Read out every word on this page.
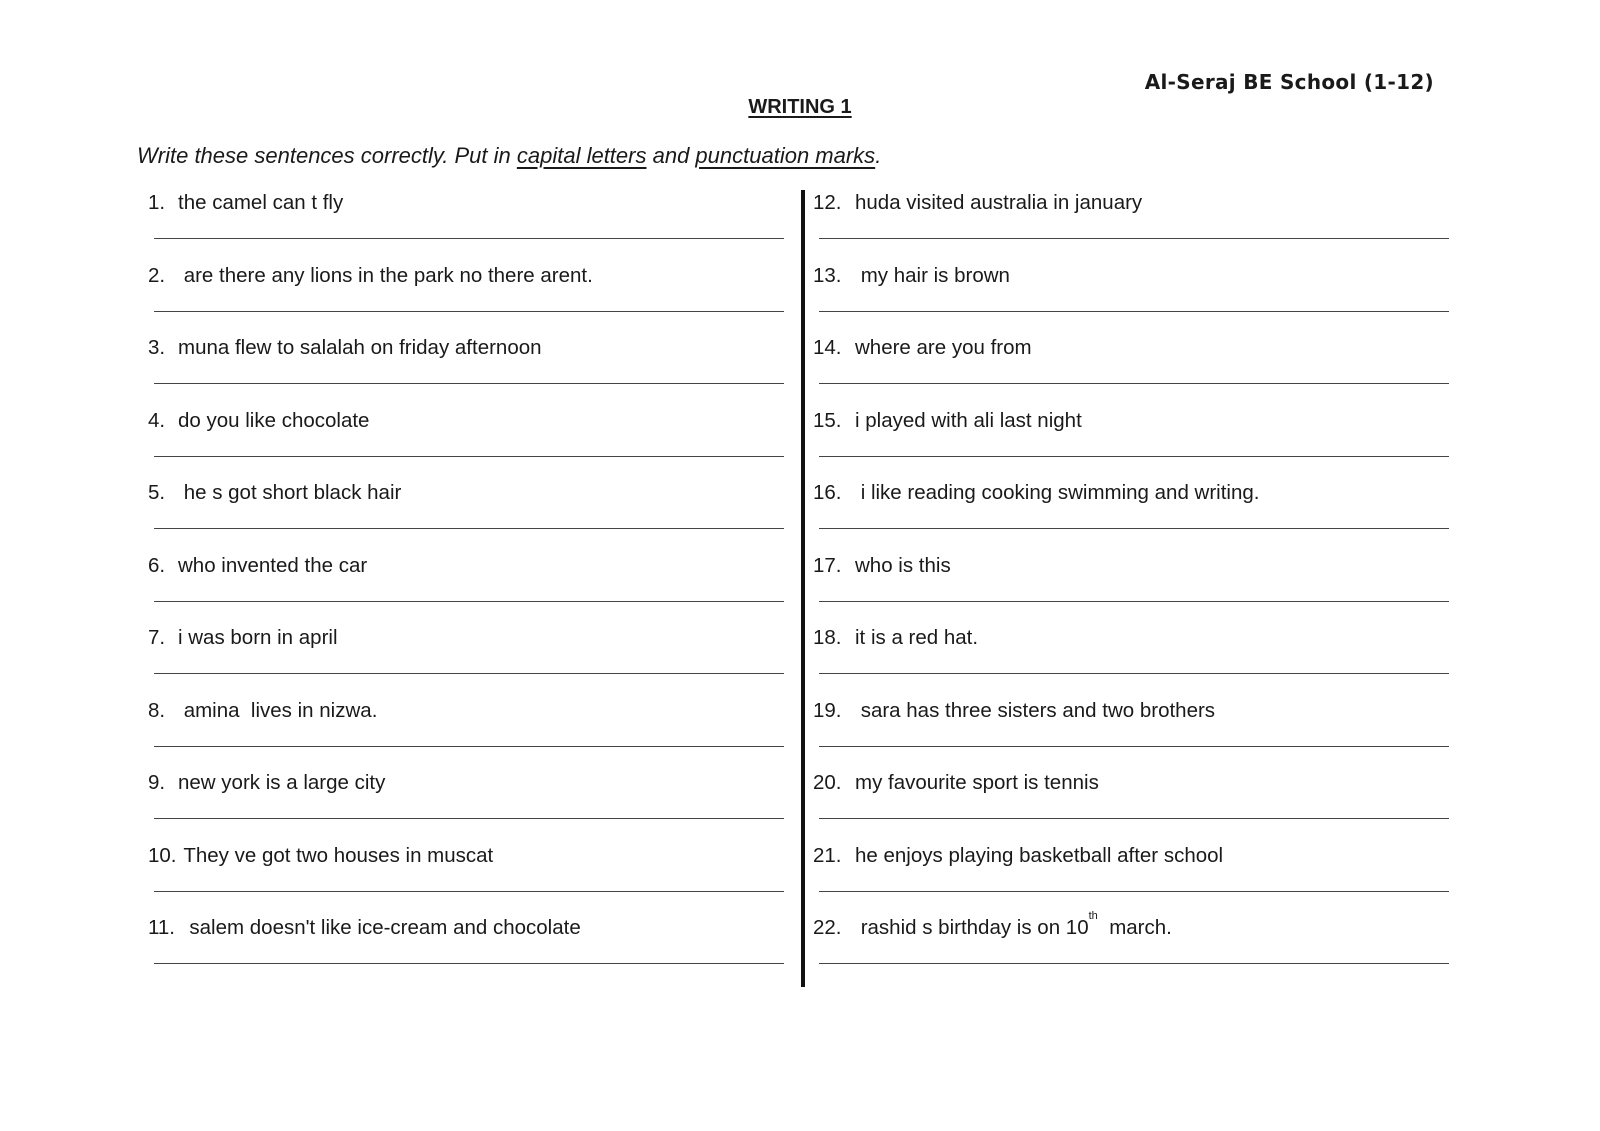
Al-Seraj BE School (1-12)
WRITING 1
Write these sentences correctly. Put in capital letters and punctuation marks.
1. the camel can t fly
2. are there any lions in the park no there arent.
3. muna flew to salalah on friday afternoon
4. do you like chocolate
5. he s got short black hair
6. who invented the car
7. i was born in april
8. amina  lives in nizwa.
9. new york is a large city
10. They ve got two houses in muscat
11. salem doesn't like ice-cream and chocolate
12. huda visited australia in january
13. my hair is brown
14. where are you from
15. i played with ali last night
16. i like reading cooking swimming and writing.
17. who is this
18. it is a red hat.
19. sara has three sisters and two brothers
20. my favourite sport is tennis
21. he enjoys playing basketball after school
22. rashid s birthday is on 10 th march.
